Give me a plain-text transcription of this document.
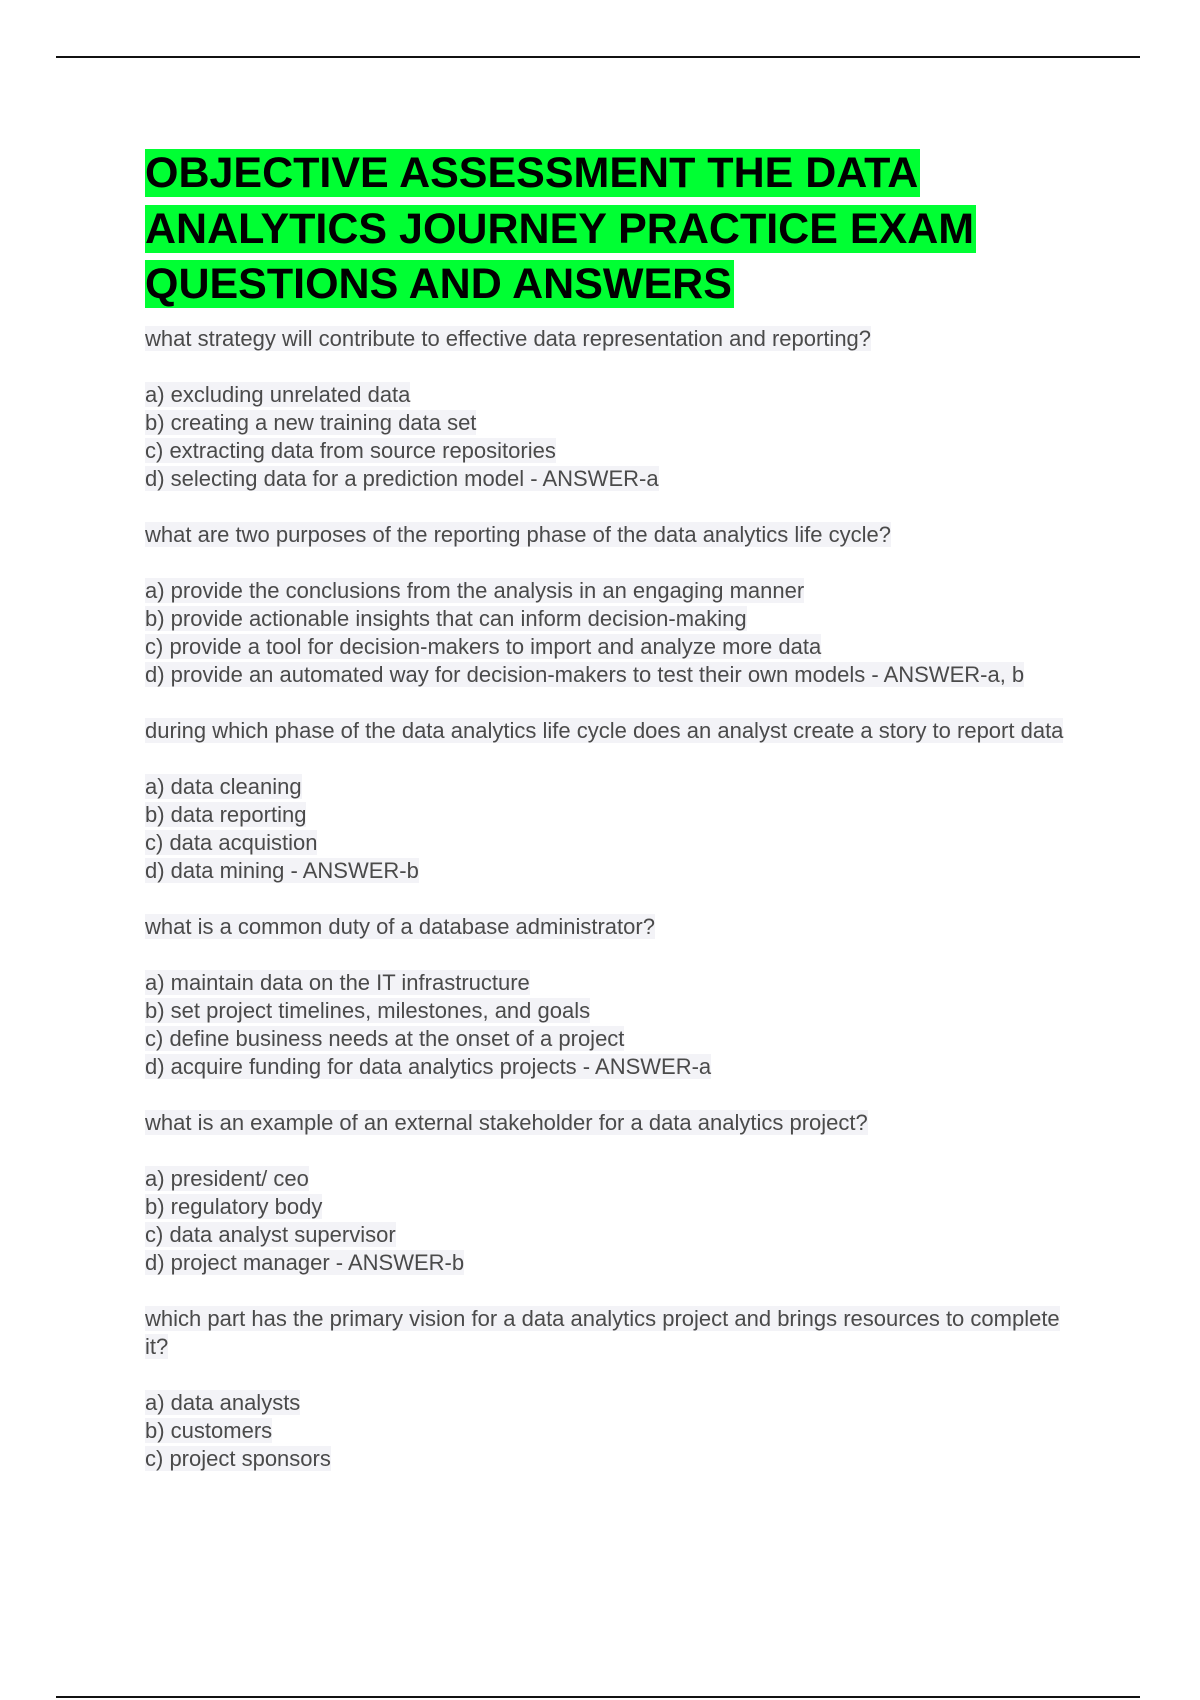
OBJECTIVE ASSESSMENT THE DATA ANALYTICS JOURNEY PRACTICE EXAM QUESTIONS AND ANSWERS
what strategy will contribute to effective data representation and reporting?
a) excluding unrelated data
b) creating a new training data set
c) extracting data from source repositories
d) selecting data for a prediction model - ANSWER-a
what are two purposes of the reporting phase of the data analytics life cycle?
a) provide the conclusions from the analysis in an engaging manner
b) provide actionable insights that can inform decision-making
c) provide a tool for decision-makers to import and analyze more data
d) provide an automated way for decision-makers to test their own models - ANSWER-a, b
during which phase of the data analytics life cycle does an analyst create a story to report data
a) data cleaning
b) data reporting
c) data acquistion
d) data mining - ANSWER-b
what is a common duty of a database administrator?
a) maintain data on the IT infrastructure
b) set project timelines, milestones, and goals
c) define business needs at the onset of a project
d) acquire funding for data analytics projects - ANSWER-a
what is an example of an external stakeholder for a data analytics project?
a) president/ ceo
b) regulatory body
c) data analyst supervisor
d) project manager - ANSWER-b
which part has the primary vision for a data analytics project and brings resources to complete it?
a) data analysts
b) customers
c) project sponsors
